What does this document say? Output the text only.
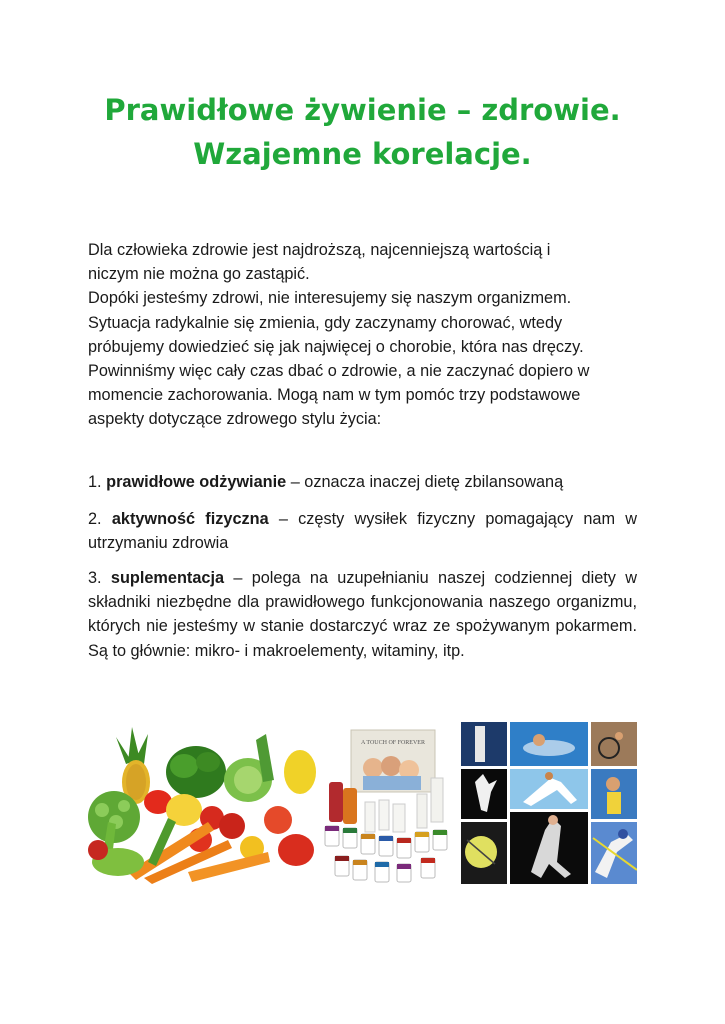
Prawidłowe żywienie – zdrowie.
Wzajemne korelacje.
Dla człowieka zdrowie jest najdroższą, najcenniejszą wartością i
niczym nie można go zastąpić.
Dopóki jesteśmy zdrowi, nie interesujemy się naszym organizmem.
Sytuacja radykalnie się zmienia, gdy zaczynamy chorować, wtedy
próbujemy dowiedzieć się jak najwięcej o chorobie, która nas dręczy.
Powinniśmy więc cały czas dbać o zdrowie, a nie zaczynać dopiero w
momencie zachorowania. Mogą nam w tym pomóc trzy podstawowe
aspekty dotyczące zdrowego stylu życia:
1. prawidłowe odżywianie – oznacza inaczej dietę zbilansowaną
2. aktywność fizyczna – częsty wysiłek fizyczny pomagający nam w utrzymaniu zdrowia
3. suplementacja – polega na uzupełnianiu naszej codziennej diety w składniki niezbędne dla prawidłowego funkcjonowania naszego organizmu, których nie jesteśmy w stanie dostarczyć wraz ze spożywanym pokarmem. Są to głównie: mikro- i makroelementy, witaminy, itp.
A TOUCH OF FOREVER
